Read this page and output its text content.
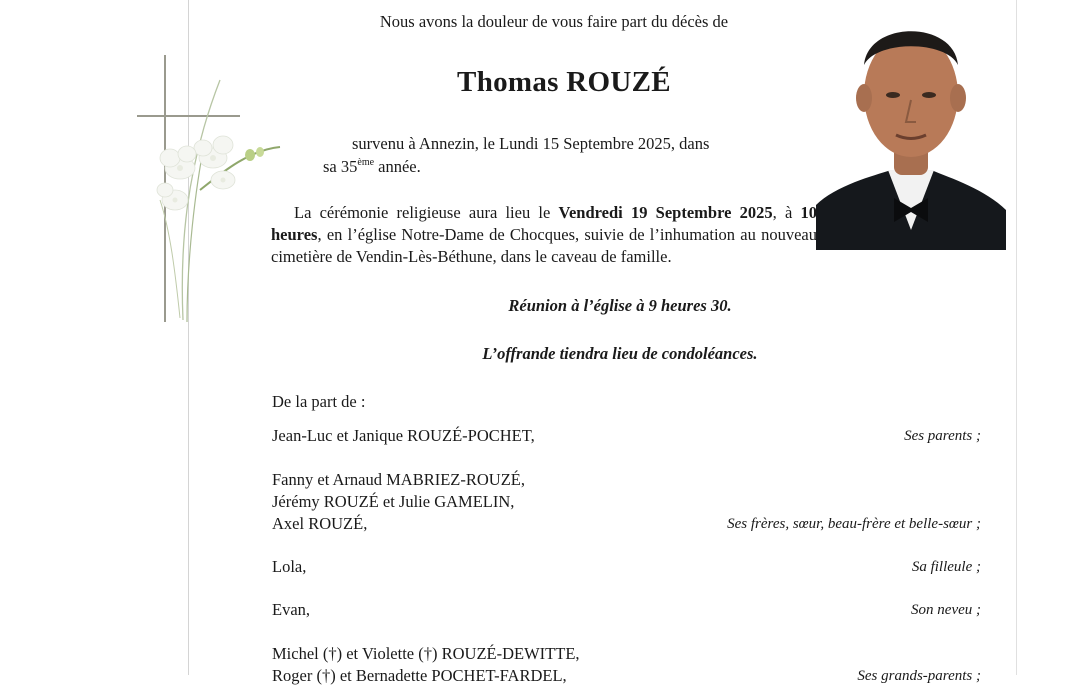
Nous avons la douleur de vous faire part du décès de
Thomas ROUZÉ
survenu à Annezin, le Lundi 15 Septembre 2025, dans
sa 35ème année.
La cérémonie religieuse aura lieu le Vendredi 19 Septembre 2025, à 10 heures, en l’église Notre-Dame de Chocques, suivie de l’inhumation au nouveau cimetière de Vendin-Lès-Béthune, dans le caveau de famille.
Réunion à l’église à 9 heures 30.
L’offrande tiendra lieu de condoléances.
De la part de :
Jean-Luc et Janique ROUZÉ-POCHET,	Ses parents ;
Fanny et Arnaud MABRIEZ-ROUZÉ,
Jérémy ROUZÉ et Julie GAMELIN,
Axel ROUZÉ,	Ses frères, sœur, beau-frère et belle-sœur ;
Lola,	Sa filleule ;
Evan,	Son neveu ;
Michel (†) et Violette (†) ROUZÉ-DEWITTE,
Roger (†) et Bernadette POCHET-FARDEL,	Ses grands-parents ;
